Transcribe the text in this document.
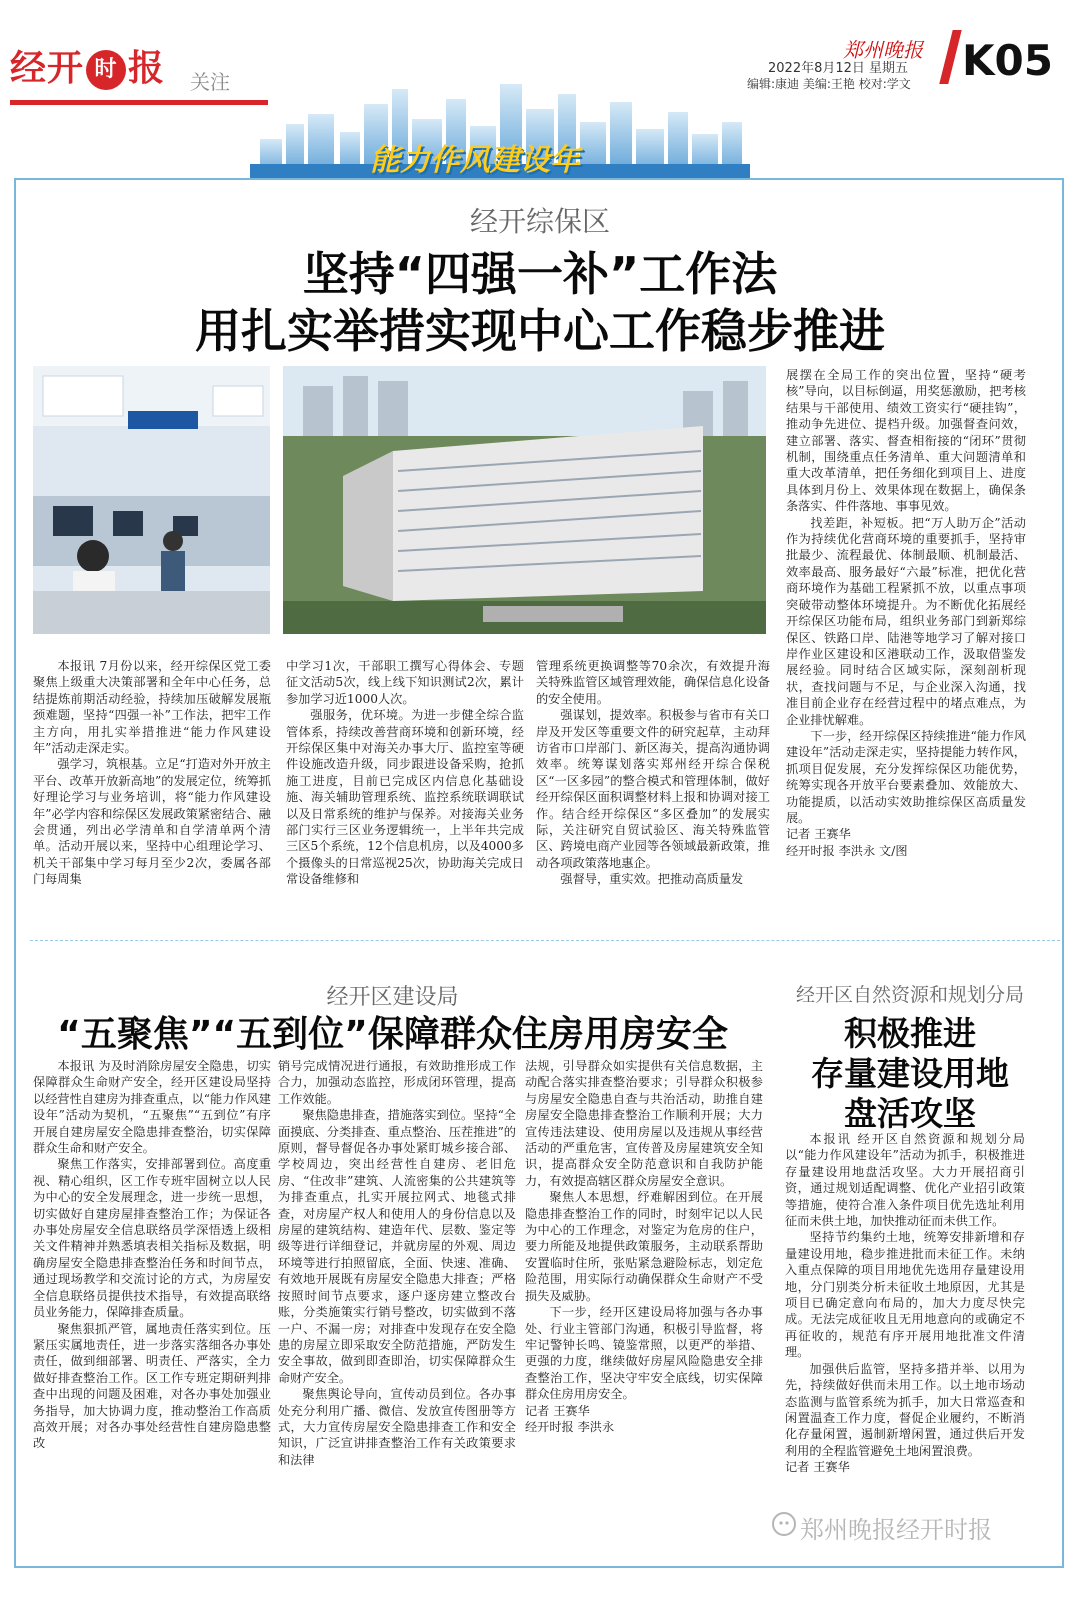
经开 时 报 关注
郑州晚报
2022年8月12日 星期五
编辑:康迪 美编:王艳 校对:学文 K05
能力作风建设年
经开综保区
坚持“四强一补”工作法
用扎实举措实现中心工作稳步推进

本报讯 7月份以来，经开综保区党工委聚焦上级重大决策部署和全年中心任务，总结提炼前期活动经验，持续加压破解发展瓶颈难题，坚持“四强一补”工作法，把牢工作主方向，用扎实举措推进“能力作风建设年”活动走深走实。

强学习，筑根基。立足“打造对外开放主平台、改革开放新高地”的发展定位，统筹抓好理论学习与业务培训，将“能力作风建设年”必学内容和综保区发展政策紧密结合、融会贯通，列出必学清单和自学清单两个清单。活动开展以来，坚持中心组理论学习、机关干部集中学习每月至少2次，委属各部门每周集

中学习1次，干部职工撰写心得体会、专题征文活动5次，线上线下知识测试2次，累计参加学习近1000人次。

强服务，优环境。为进一步健全综合监管体系，持续改善营商环境和创新环境，经开综保区集中对海关办事大厅、监控室等硬件设施改造升级，同步跟进设备采购，抢抓施工进度，目前已完成区内信息化基础设施、海关辅助管理系统、监控系统联调联试以及日常系统的维护与保养。对接海关业务部门实行三区业务逻辑统一，上半年共完成三区5个系统，12个信息机房，以及4000多个摄像头的日常巡视25次，协助海关完成日常设备维修和

管理系统更换调整等70余次，有效提升海关特殊监管区域管理效能，确保信息化设备的安全使用。

强谋划，提效率。积极参与省市有关口岸及开发区等重要文件的研究起草，主动拜访省市口岸部门、新区海关，提高沟通协调效率。统筹谋划落实郑州经开综合保税区“一区多园”的整合模式和管理体制，做好经开综保区面积调整材料上报和协调对接工作。结合经开综保区“多区叠加”的发展实际，关注研究自贸试验区、海关特殊监管区、跨境电商产业园等各领域最新政策，推动各项政策落地惠企。

强督导，重实效。把推动高质量发

展摆在全局工作的突出位置，坚持“硬考核”导向，以目标倒逼，用奖惩激励，把考核结果与干部使用、绩效工资实行“硬挂钩”，推动争先进位、提档升级。加强督查问效，建立部署、落实、督查相衔接的“闭环”贯彻机制，围绕重点任务清单、重大问题清单和重大改革清单，把任务细化到项目上、进度具体到月份上、效果体现在数据上，确保条条落实、件件落地、事事见效。

找差距，补短板。把“万人助万企”活动作为持续优化营商环境的重要抓手，坚持审批最少、流程最优、体制最顺、机制最活、效率最高、服务最好“六最”标准，把优化营商环境作为基础工程紧抓不放，以重点事项突破带动整体环境提升。为不断优化拓展经开综保区功能布局，组织业务部门到新郑综保区、铁路口岸、陆港等地学习了解对接口岸作业区建设和区港联动工作，汲取借鉴发展经验。同时结合区域实际，深刻剖析现状，查找问题与不足，与企业深入沟通，找准目前企业存在经营过程中的堵点难点，为企业排忧解难。

下一步，经开综保区持续推进“能力作风建设年”活动走深走实，坚持提能力转作风，抓项目促发展，充分发挥综保区功能优势，统筹实现各开放平台要素叠加、效能放大、功能提质，以活动实效助推综保区高质量发展。

记者 王赛华

经开时报 李洪永 文/图

经开区建设局
“五聚焦”“五到位”保障群众住房用房安全

本报讯 为及时消除房屋安全隐患，切实保障群众生命财产安全，经开区建设局坚持以经营性自建房为排查重点，以“能力作风建设年”活动为契机，“五聚焦”“五到位”有序开展自建房屋安全隐患排查整治，切实保障群众生命和财产安全。

聚焦工作落实，安排部署到位。高度重视、精心组织，区工作专班牢固树立以人民为中心的安全发展理念，进一步统一思想，切实做好自建房屋排查整治工作；为保证各办事处房屋安全信息联络员学深悟透上级相关文件精神并熟悉填表相关指标及数据，明确房屋安全隐患排查整治任务和时间节点，通过现场教学和交流讨论的方式，为房屋安全信息联络员提供技术指导，有效提高联络员业务能力，保障排查质量。

聚焦狠抓严管，属地责任落实到位。压紧压实属地责任，进一步落实落细各办事处责任，做到细部署、明责任、严落实，全力做好排查整治工作。区工作专班定期研判排查中出现的问题及困难，对各办事处加强业务指导，加大协调力度，推动整治工作高质高效开展；对各办事处经营性自建房隐患整改

销号完成情况进行通报，有效助推形成工作合力，加强动态监控，形成闭环管理，提高工作效能。

聚焦隐患排查，措施落实到位。坚持“全面摸底、分类排查、重点整治、压茬推进”的原则，督导督促各办事处紧盯城乡接合部、学校周边，突出经营性自建房、老旧危房、“住改非”建筑、人流密集的公共建筑等为排查重点，扎实开展拉网式、地毯式排查，对房屋产权人和使用人的身份信息以及房屋的建筑结构、建造年代、层数、鉴定等级等进行详细登记，并就房屋的外观、周边环境等进行拍照留底，全面、快速、准确、有效地开展既有房屋安全隐患大排查；严格按照时间节点要求，逐户逐房建立整改台账，分类施策实行销号整改，切实做到不落一户、不漏一房；对排查中发现存在安全隐患的房屋立即采取安全防范措施，严防发生安全事故，做到即查即治，切实保障群众生命财产安全。

聚焦舆论导向，宣传动员到位。各办事处充分利用广播、微信、发放宣传图册等方式，大力宣传房屋安全隐患排查工作和安全知识，广泛宣讲排查整治工作有关政策要求和法律

法规，引导群众如实提供有关信息数据，主动配合落实排查整治要求；引导群众积极参与房屋安全隐患自查与共治活动，助推自建房屋安全隐患排查整治工作顺利开展；大力宣传违法建设、使用房屋以及违规从事经营活动的严重危害，宣传普及房屋建筑安全知识，提高群众安全防范意识和自我防护能力，有效提高辖区群众房屋安全意识。

聚焦人本思想，纾难解困到位。在开展隐患排查整治工作的同时，时刻牢记以人民为中心的工作理念，对鉴定为危房的住户，要力所能及地提供政策服务，主动联系帮助安置临时住所，张贴紧急避险标志，划定危险范围，用实际行动确保群众生命财产不受损失及威胁。

下一步，经开区建设局将加强与各办事处、行业主管部门沟通，积极引导监督，将牢记警钟长鸣、镜鉴常照，以更严的举措、更强的力度，继续做好房屋风险隐患安全排查整治工作，坚决守牢安全底线，切实保障群众住房用房安全。

记者 王赛华

经开时报 李洪永

经开区自然资源和规划分局
积极推进
存量建设用地
盘活攻坚

本报讯 经开区自然资源和规划分局以“能力作风建设年”活动为抓手，积极推进存量建设用地盘活攻坚。大力开展招商引资，通过规划适配调整、优化产业招引政策等措施，使符合准入条件项目优先选址利用征而未供土地，加快推动征而未供工作。

坚持节约集约土地，统筹安排新增和存量建设用地，稳步推进批而未征工作。未纳入重点保障的项目用地优先选用存量建设用地，分门别类分析未征收土地原因，尤其是项目已确定意向布局的，加大力度尽快完成。无法完成征收且无用地意向的或确定不再征收的，规范有序开展用地批准文件清理。

加强供后监管，坚持多措并举、以用为先，持续做好供而未用工作。以土地市场动态监测与监管系统为抓手，加大日常巡查和闲置温查工作力度，督促企业履约，不断消化存量闲置，遏制新增闲置，通过供后开发利用的全程监管避免土地闲置浪费。

记者 王赛华

郑州晚报经开时报
